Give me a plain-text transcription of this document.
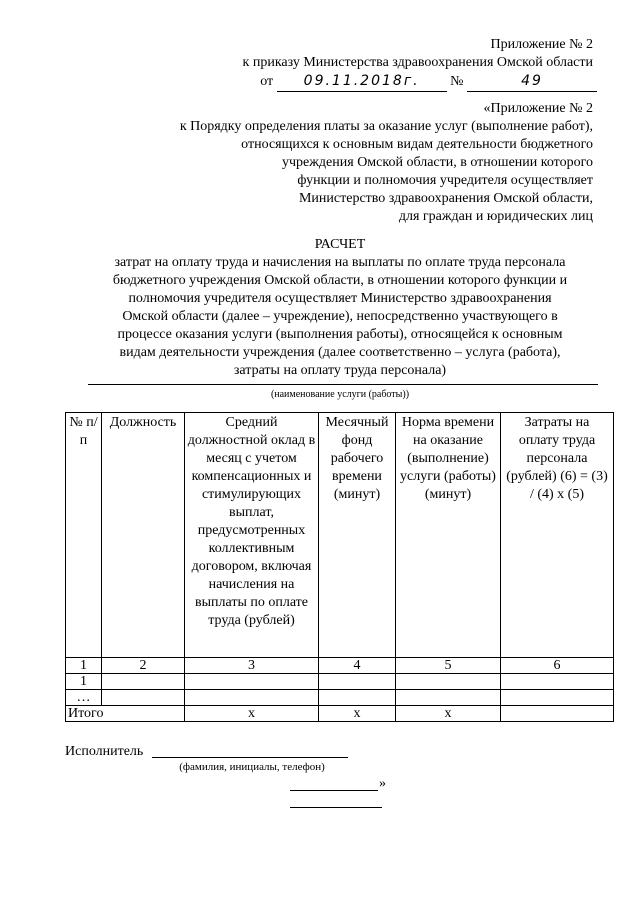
Приложение № 2
к приказу Министерства здравоохранения Омской области
от 09.11.2018г. №	49
«Приложение № 2
к Порядку определения платы за оказание услуг (выполнение работ),
относящихся к основным видам деятельности бюджетного
учреждения Омской области, в отношении которого
функции и полномочия учредителя осуществляет
Министерство здравоохранения Омской области,
для граждан и юридических лиц
РАСЧЕТ
затрат на оплату труда и начисления на выплаты по оплате труда персонала
бюджетного учреждения Омской области, в отношении которого функции и
полномочия учредителя осуществляет Министерство здравоохранения
Омской области (далее – учреждение), непосредственно участвующего в
процессе оказания услуги (выполнения работы), относящейся к основным
видам деятельности учреждения (далее соответственно – услуга (работа),
затраты на оплату труда персонала)
(наименование услуги (работы))
№ п/п	Должность	Средний должностной оклад в месяц с учетом компенсационных и стимулирующих выплат, предусмотренных коллективным договором, включая начисления на выплаты по оплате труда (рублей)	Месячный фонд рабочего времени (минут)	Норма времени на оказание (выполнение) услуги (работы) (минут)	Затраты на оплату труда персонала (рублей) (6) = (3) / (4) х (5)
1	2	3	4	5	6
1					
…					
Итого		х	х	х	
Исполнитель
(фамилия, инициалы, телефон)
»
